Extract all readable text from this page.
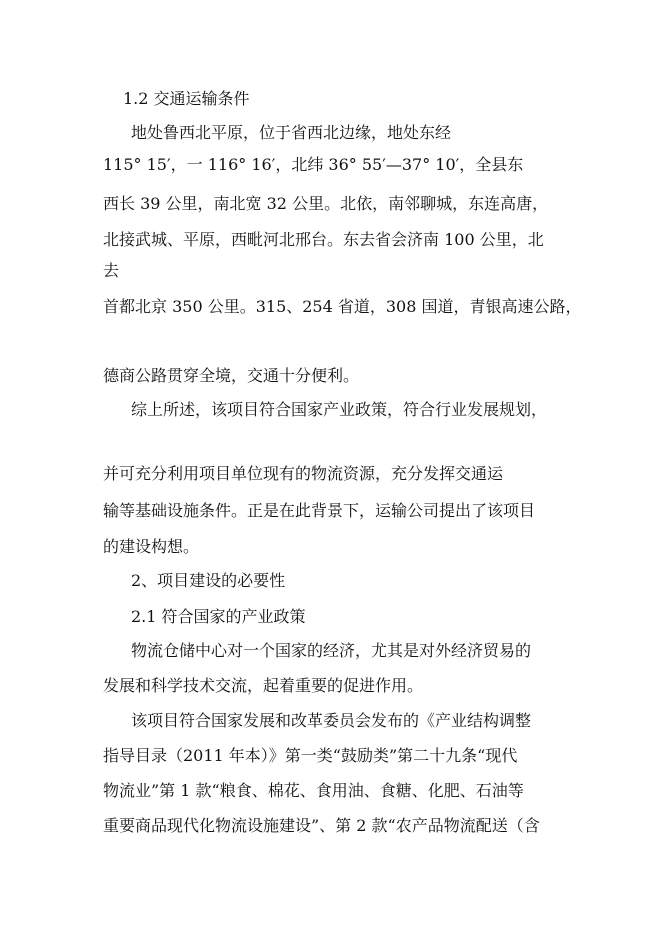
1.2 交通运输条件
地处鲁西北平原，位于省西北边缘，地处东经
115° 15′，一 116° 16′，北纬 36° 55′—37° 10′，全县东
西长 39 公里，南北宽 32 公里。北依，南邻聊城，东连高唐，
北接武城、平原，西毗河北邢台。东去省会济南 100 公里，北
去
首都北京 350 公里。315、254 省道，308 国道，青银高速公路，
德商公路贯穿全境，交通十分便利。
综上所述，该项目符合国家产业政策，符合行业发展规划，
并可充分利用项目单位现有的物流资源，充分发挥交通运
输等基础设施条件。正是在此背景下，运输公司提出了该项目
的建设构想。
2、项目建设的必要性
2.1 符合国家的产业政策
物流仓储中心对一个国家的经济，尤其是对外经济贸易的
发展和科学技术交流，起着重要的促进作用。
该项目符合国家发展和改革委员会发布的《产业结构调整
指导目录（2011 年本）》第一类“鼓励类”第二十九条“现代
物流业”第 1 款“粮食、棉花、食用油、食糖、化肥、石油等
重要商品现代化物流设施建设”、第 2 款“农产品物流配送（含
